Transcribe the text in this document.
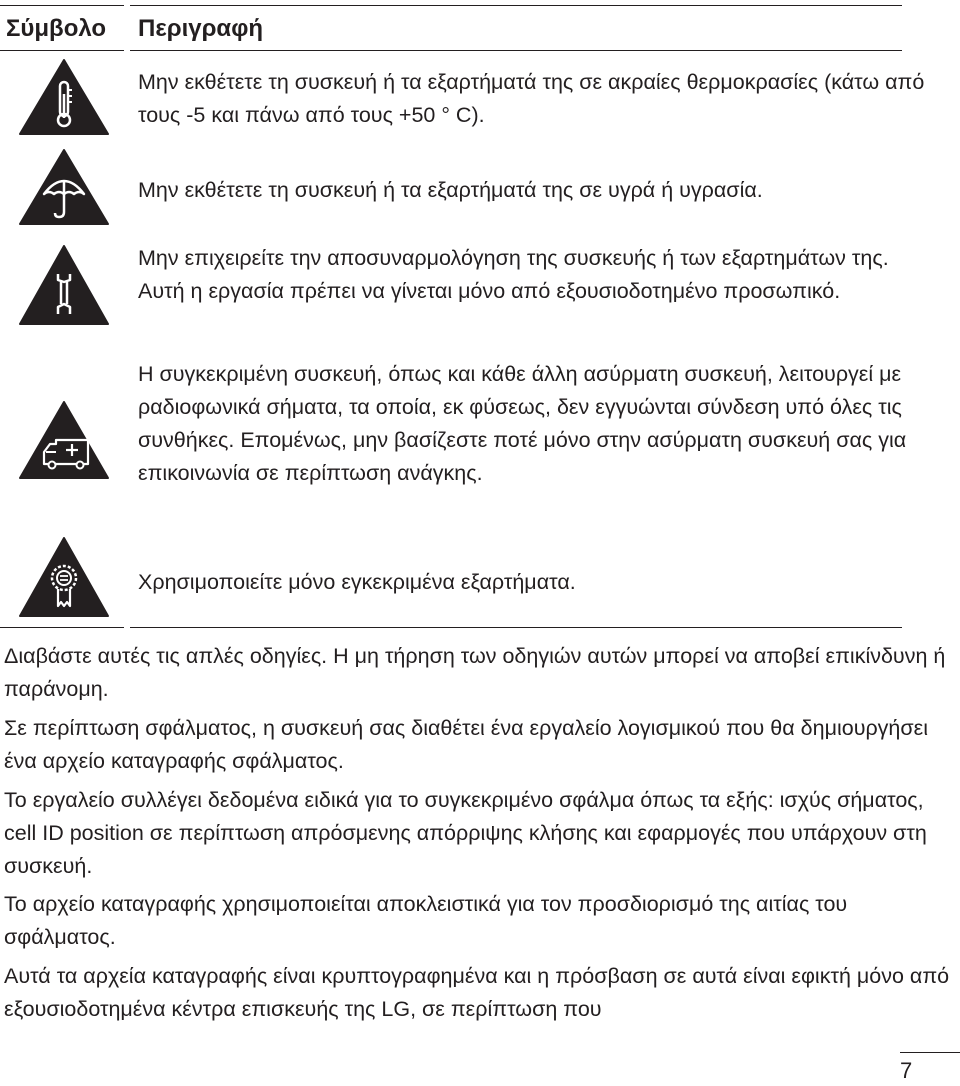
Σύμβολο Περιγραφή
Μην εκθέτετε τη συσκευή ή τα εξαρτήματά της σε ακραίες θερμοκρασίες (κάτω από τους -5 και πάνω από τους +50 ° C).
Μην εκθέτετε τη συσκευή ή τα εξαρτήματά της σε υγρά ή υγρασία.
Μην επιχειρείτε την αποσυναρμολόγηση της συσκευής ή των εξαρτημάτων της. Αυτή η εργασία πρέπει να γίνεται μόνο από εξουσιοδοτημένο προσωπικό.
Η συγκεκριμένη συσκευή, όπως και κάθε άλλη ασύρματη συσκευή, λειτουργεί με ραδιοφωνικά σήματα, τα οποία, εκ φύσεως, δεν εγγυώνται σύνδεση υπό όλες τις συνθήκες. Επομένως, μην βασίζεστε ποτέ μόνο στην ασύρματη συσκευή σας για επικοινωνία σε περίπτωση ανάγκης.
Χρησιμοποιείτε μόνο εγκεκριμένα εξαρτήματα.
Διαβάστε αυτές τις απλές οδηγίες. Η μη τήρηση των οδηγιών αυτών μπορεί να αποβεί επικίνδυνη ή παράνομη.
Σε περίπτωση σφάλματος, η συσκευή σας διαθέτει ένα εργαλείο λογισμικού που θα δημιουργήσει ένα αρχείο καταγραφής σφάλματος.
Το εργαλείο συλλέγει δεδομένα ειδικά για το συγκεκριμένο σφάλμα όπως τα εξής: ισχύς σήματος, cell ID position σε περίπτωση απρόσμενης απόρριψης κλήσης και εφαρμογές που υπάρχουν στη συσκευή.
Το αρχείο καταγραφής χρησιμοποιείται αποκλειστικά για τον προσδιορισμό της αιτίας του σφάλματος.
Αυτά τα αρχεία καταγραφής είναι κρυπτογραφημένα και η πρόσβαση σε αυτά είναι εφικτή μόνο από εξουσιοδοτημένα κέντρα επισκευής της LG, σε περίπτωση που
7
